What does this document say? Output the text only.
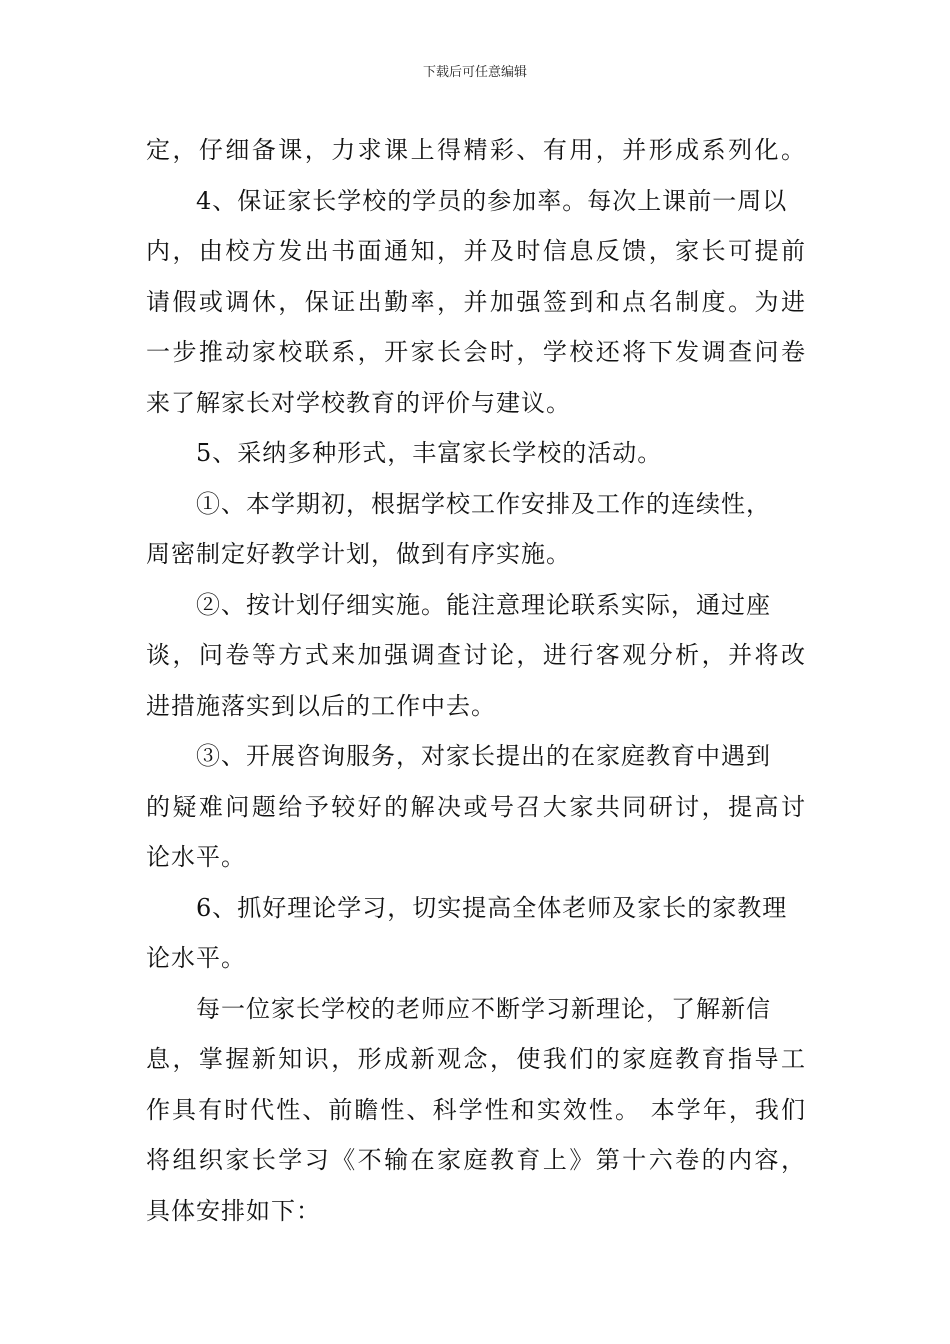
下载后可任意编辑
定，仔细备课，力求课上得精彩、有用，并形成系列化。
4、保证家长学校的学员的参加率。每次上课前一周以
内，由校方发出书面通知，并及时信息反馈，家长可提前
请假或调休，保证出勤率，并加强签到和点名制度。为进
一步推动家校联系，开家长会时，学校还将下发调查问卷
来了解家长对学校教育的评价与建议。
5、采纳多种形式，丰富家长学校的活动。
①、本学期初，根据学校工作安排及工作的连续性，
周密制定好教学计划，做到有序实施。
②、按计划仔细实施。能注意理论联系实际，通过座
谈，问卷等方式来加强调查讨论，进行客观分析，并将改
进措施落实到以后的工作中去。
③、开展咨询服务，对家长提出的在家庭教育中遇到
的疑难问题给予较好的解决或号召大家共同研讨，提高讨
论水平。
6、抓好理论学习，切实提高全体老师及家长的家教理
论水平。
每一位家长学校的老师应不断学习新理论，了解新信
息，掌握新知识，形成新观念，使我们的家庭教育指导工
作具有时代性、前瞻性、科学性和实效性。 本学年，我们
将组织家长学习《不输在家庭教育上》第十六卷的内容，
具体安排如下：
